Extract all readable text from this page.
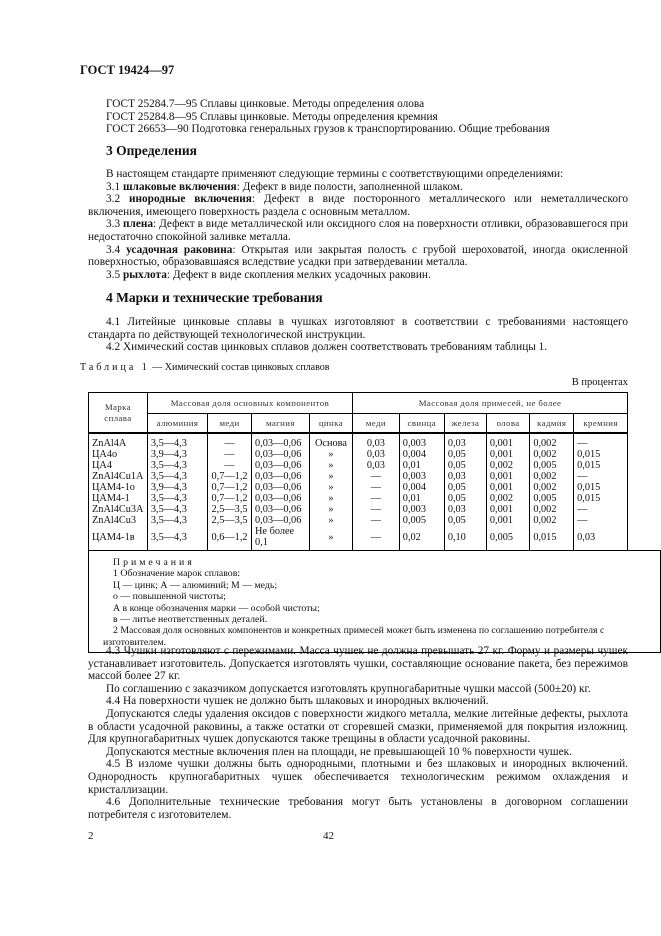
ГОСТ 19424—97
ГОСТ 25284.7—95 Сплавы цинковые. Методы определения олова
ГОСТ 25284.8—95 Сплавы цинковые. Методы определения кремния
ГОСТ 26653—90 Подготовка генеральных грузов к транспортированию. Общие требования
3 Определения
В настоящем стандарте применяют следующие термины с соответствующими определениями:
3.1 шлаковые включения: Дефект в виде полости, заполненной шлаком.
3.2 инородные включения: Дефект в виде посторонного металлического или неметаллического включения, имеющего поверхность раздела с основным металлом.
3.3 плена: Дефект в виде металлической или оксидного слоя на поверхности отливки, образовавшегося при недостаточно спокойной заливке металла.
3.4 усадочная раковина: Открытая или закрытая полость с грубой шероховатой, иногда окисленной поверхностью, образовавшаяся вследствие усадки при затвердевании металла.
3.5 рыхлота: Дефект в виде скопления мелких усадочных раковин.
4 Марки и технические требования
4.1 Литейные цинковые сплавы в чушках изготовляют в соответствии с требованиями настоящего стандарта по действующей технологической инструкции.
4.2 Химический состав цинковых сплавов должен соответствовать требованиям таблицы 1.
Таблица 1 — Химический состав цинковых сплавов
В процентах
Марка сплава	Массовая доля основных компонентов				Массовая доля примесей, не более					
	алюминия	меди	магния	цинка	меди	свинца	железа	олова	кадмия	кремния
ZnAl4A	3,5—4,3	—	0,03—0,06	Основа	0,03	0,003	0,03	0,001	0,002	—
ЦА4о	3,9—4,3	—	0,03—0,06	»	0,03	0,004	0,05	0,001	0,002	0,015
ЦА4	3,5—4,3	—	0,03—0,06	»	0,03	0,01	0,05	0,002	0,005	0,015
ZnAl4Cu1A	3,5—4,3	0,7—1,2	0,03—0,06	»	—	0,003	0,03	0,001	0,002	—
ЦАМ4-1о	3,9—4,3	0,7—1,2	0,03—0,06	»	—	0,004	0,05	0,001	0,002	0,015
ЦАМ4-1	3,5—4,3	0,7—1,2	0,03—0,06	»	—	0,01	0,05	0,002	0,005	0,015
ZnAl4Cu3A	3,5—4,3	2,5—3,5	0,03—0,06	»	—	0,003	0,03	0,001	0,002	—
ZnAl4Cu3	3,5—4,3	2,5—3,5	0,03—0,06	»	—	0,005	0,05	0,001	0,002	—
ЦАМ4-1в	3,5—4,3	0,6—1,2	Не более 0,1	»	—	0,02	0,10	0,005	0,015	0,03
Примечания
1 Обозначение марок сплавов:
Ц — цинк; А — алюминий; М — медь;
о — повышенной чистоты;
А в конце обозначения марки — особой чистоты;
в — литье неответственных деталей.
2 Массовая доля основных компонентов и конкретных примесей может быть изменена по соглашению потребителя с изготовителем.
4.3 Чушки изготовляют с пережимами. Масса чушек не должна превышать 27 кг. Форму и размеры чушек устанавливает изготовитель. Допускается изготовлять чушки, составляющие основание пакета, без пережимов массой более 27 кг.
По соглашению с заказчиком допускается изготовлять крупногабаритные чушки массой (500±20) кг.
4.4 На поверхности чушек не должно быть шлаковых и инородных включений.
Допускаются следы удаления оксидов с поверхности жидкого металла, мелкие литейные дефекты, рыхлота в области усадочной раковины, а также остатки от сгоревшей смазки, применяемой для покрытия изложниц. Для крупногабаритных чушек допускаются также трещины в области усадочной раковины.
Допускаются местные включения плен на площади, не превышающей 10 % поверхности чушек.
4.5 В изломе чушки должны быть однородными, плотными и без шлаковых и инородных включений. Однородность крупногабаритных чушек обеспечивается технологическим режимом охлаждения и кристаллизации.
4.6 Дополнительные технические требования могут быть установлены в договорном соглашении потребителя с изготовителем.
2	42
